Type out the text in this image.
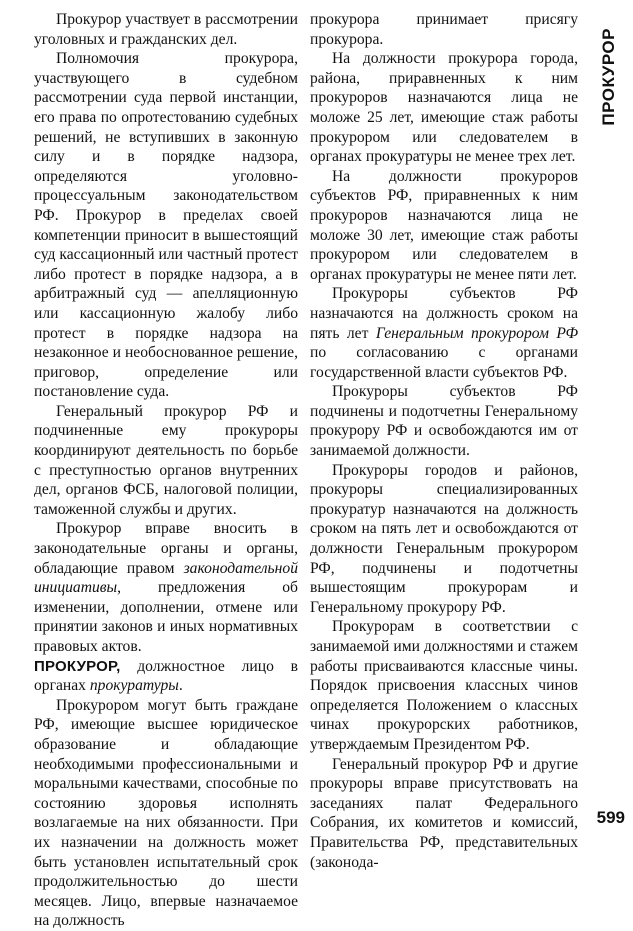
Прокурор участвует в рассмотрении уголовных и гражданских дел.

Полномочия прокурора, участвующего в судебном рассмотрении суда первой инстанции, его права по опротестованию судебных решений, не вступивших в законную силу и в порядке надзора, определяются уголовно-процессуальным законодательством РФ. Прокурор в пределах своей компетенции приносит в вышестоящий суд кассационный или частный протест либо протест в порядке надзора, а в арбитражный суд — апелляционную или кассационную жалобу либо протест в порядке надзора на незаконное и необоснованное решение, приговор, определение или постановление суда.

Генеральный прокурор РФ и подчиненные ему прокуроры координируют деятельность по борьбе с преступностью органов внутренних дел, органов ФСБ, налоговой полиции, таможенной службы и других.

Прокурор вправе вносить в законодательные органы и органы, обладающие правом законодательной инициативы, предложения об изменении, дополнении, отмене или принятии законов и иных нормативных правовых актов.

ПРОКУРОР, должностное лицо в органах прокуратуры.

Прокурором могут быть граждане РФ, имеющие высшее юридическое образование и обладающие необходимыми профессиональными и моральными качествами, способные по состоянию здоровья исполнять возлагаемые на них обязанности. При их назначении на должность может быть установлен испытательный срок продолжительностью до шести месяцев. Лицо, впервые назначаемое на должность

прокурора принимает присягу прокурора.

На должности прокурора города, района, приравненных к ним прокуроров назначаются лица не моложе 25 лет, имеющие стаж работы прокурором или следователем в органах прокуратуры не менее трех лет.

На должности прокуроров субъектов РФ, приравненных к ним прокуроров назначаются лица не моложе 30 лет, имеющие стаж работы прокурором или следователем в органах прокуратуры не менее пяти лет.

Прокуроры субъектов РФ назначаются на должность сроком на пять лет Генеральным прокурором РФ по согласованию с органами государственной власти субъектов РФ.

Прокуроры субъектов РФ подчинены и подотчетны Генеральному прокурору РФ и освобождаются им от занимаемой должности.

Прокуроры городов и районов, прокуроры специализированных прокуратур назначаются на должность сроком на пять лет и освобождаются от должности Генеральным прокурором РФ, подчинены и подотчетны вышестоящим прокурорам и Генеральному прокурору РФ.

Прокурорам в соответствии с занимаемой ими должностями и стажем работы присваиваются классные чины. Порядок присвоения классных чинов определяется Положением о классных чинах прокурорских работников, утверждаемым Президентом РФ.

Генеральный прокурор РФ и другие прокуроры вправе присутствовать на заседаниях палат Федерального Собрания, их комитетов и комиссий, Правительства РФ, представительных (законода-

ПРОКУРОР
599
